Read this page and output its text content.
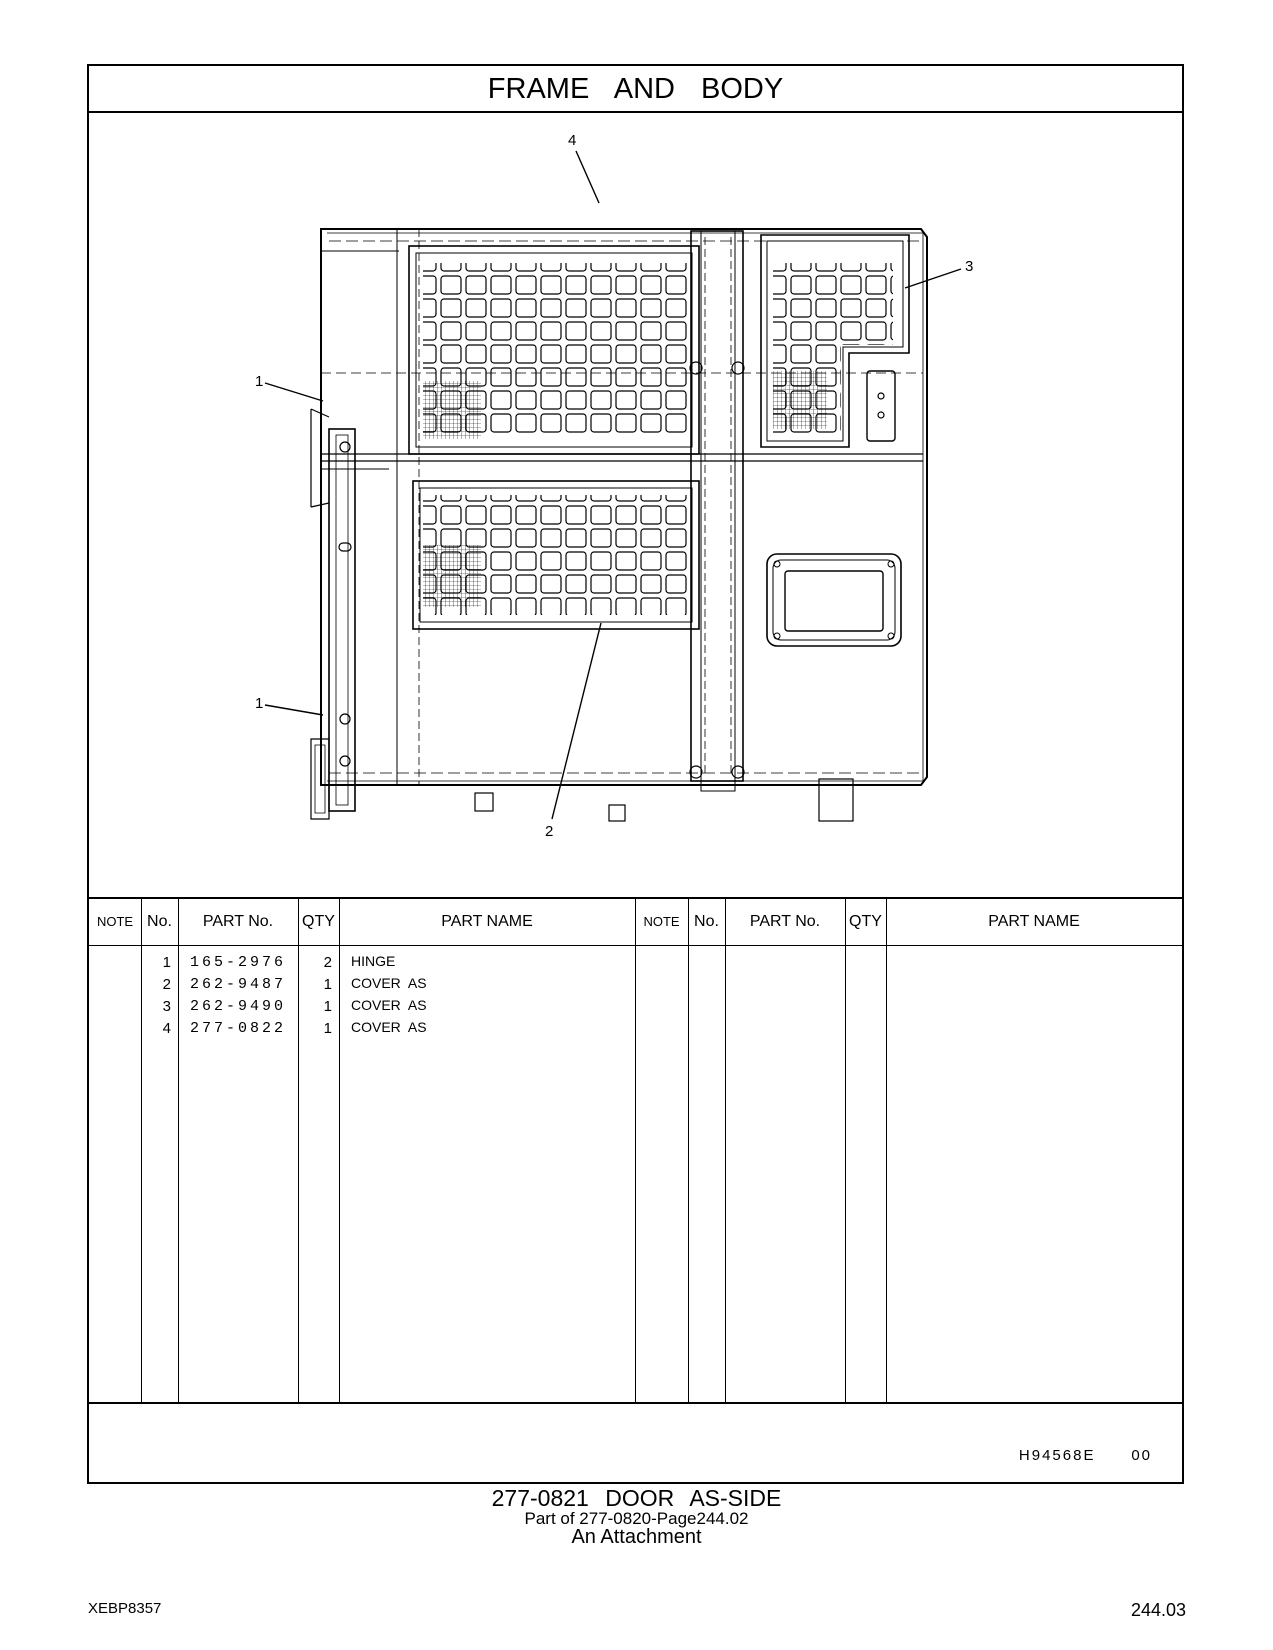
FRAME AND BODY
4
3
1
1
2
NOTE No.	PART No.	QTY	PART NAME	NOTE No.	PART No.	QTY	PART NAME
1	165-2976	2 HINGE
2	262-9487	1 COVER AS
3	262-9490	1 COVER AS
4	277-0822	1 COVER AS
H94568E 00
277-0821 DOOR AS-SIDE
Part of 277-0820-Page244.02
An Attachment
XEBP8357	244.03
